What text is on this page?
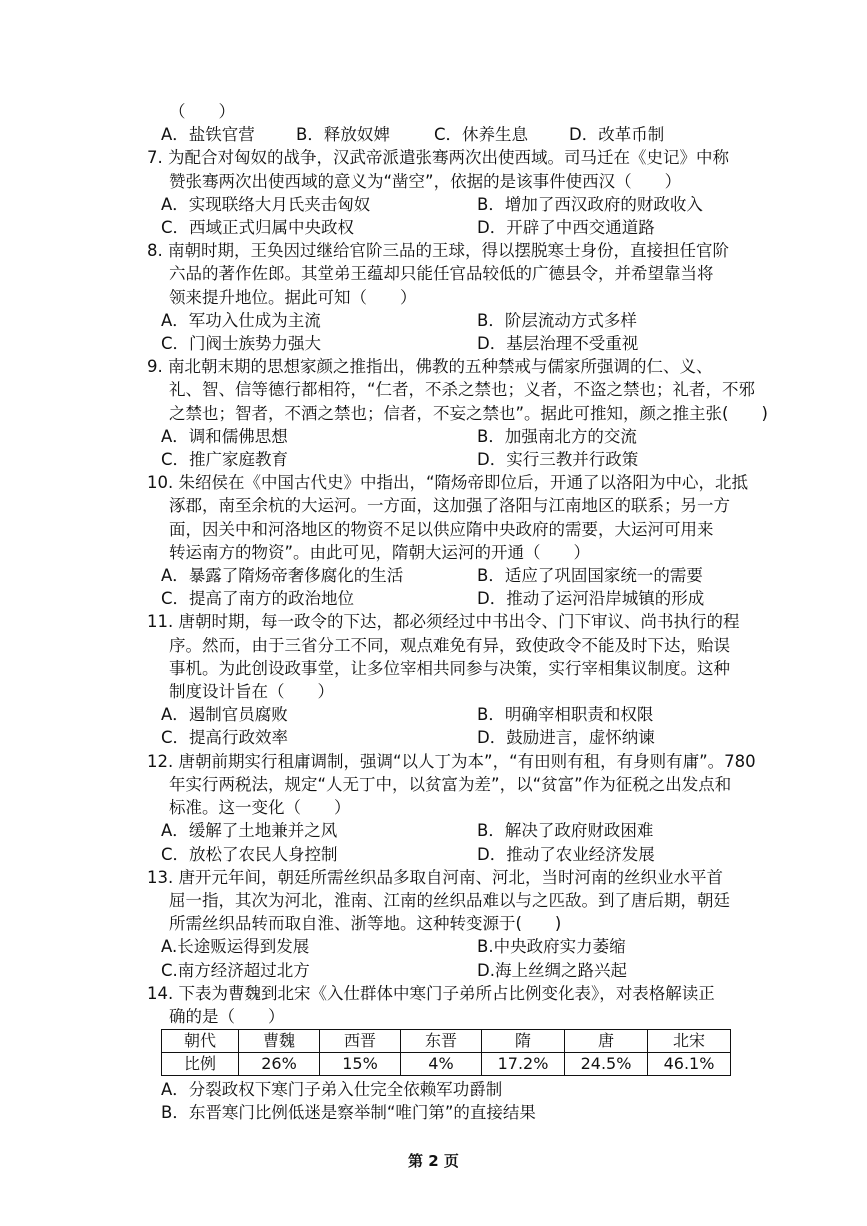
（　　）
A．盐铁官营	B．释放奴婢	C．休养生息	D．改革币制
7. 为配合对匈奴的战争，汉武帝派遣张骞两次出使西域。司马迁在《史记》中称
赞张骞两次出使西域的意义为“凿空”，依据的是该事件使西汉（　　）
A．实现联络大月氏夹击匈奴	B．增加了西汉政府的财政收入
C．西域正式归属中央政权	D．开辟了中西交通道路
8. 南朝时期，王奂因过继给官阶三品的王球，得以摆脱寒士身份，直接担任官阶
六品的著作佐郎。其堂弟王蕴却只能任官品较低的广德县令，并希望靠当将
领来提升地位。据此可知（　　）
A．军功入仕成为主流	B．阶层流动方式多样
C．门阀士族势力强大	D．基层治理不受重视
9. 南北朝末期的思想家颜之推指出，佛教的五种禁戒与儒家所强调的仁、义、
礼、智、信等德行都相符，“仁者，不杀之禁也；义者，不盗之禁也；礼者，不邪
之禁也；智者，不酒之禁也；信者，不妄之禁也”。据此可推知，颜之推主张(　　)
A．调和儒佛思想	B．加强南北方的交流
C．推广家庭教育	D．实行三教并行政策
10. 朱绍侯在《中国古代史》中指出，“隋炀帝即位后，开通了以洛阳为中心，北抵
涿郡，南至余杭的大运河。一方面，这加强了洛阳与江南地区的联系；另一方
面，因关中和河洛地区的物资不足以供应隋中央政府的需要，大运河可用来
转运南方的物资”。由此可见，隋朝大运河的开通（　　）
A．暴露了隋炀帝奢侈腐化的生活	B．适应了巩固国家统一的需要
C．提高了南方的政治地位	D．推动了运河沿岸城镇的形成
11. 唐朝时期，每一政令的下达，都必须经过中书出令、门下审议、尚书执行的程
序。然而，由于三省分工不同，观点难免有异，致使政令不能及时下达，贻误
事机。为此创设政事堂，让多位宰相共同参与决策，实行宰相集议制度。这种
制度设计旨在（　　）
A．遏制官员腐败	B．明确宰相职责和权限
C．提高行政效率	D．鼓励进言，虚怀纳谏
12. 唐朝前期实行租庸调制，强调“以人丁为本”，“有田则有租，有身则有庸”。780
年实行两税法，规定“人无丁中，以贫富为差”，以“贫富”作为征税之出发点和
标准。这一变化（　　）
A．缓解了土地兼并之风	B．解决了政府财政困难
C．放松了农民人身控制	D．推动了农业经济发展
13. 唐开元年间，朝廷所需丝织品多取自河南、河北，当时河南的丝织业水平首
屈一指，其次为河北，淮南、江南的丝织品难以与之匹敌。到了唐后期，朝廷
所需丝织品转而取自淮、浙等地。这种转变源于(　　)
A.长途贩运得到发展	B.中央政府实力萎缩
C.南方经济超过北方	D.海上丝绸之路兴起
14. 下表为曹魏到北宋《入仕群体中寒门子弟所占比例变化表》，对表格解读正
确的是（　　）
朝代	曹魏	西晋	东晋	隋	唐	北宋
比例	26%	15%	4%	17.2%	24.5%	46.1%
A．分裂政权下寒门子弟入仕完全依赖军功爵制
B．东晋寒门比例低迷是察举制“唯门第”的直接结果
第 2 页
